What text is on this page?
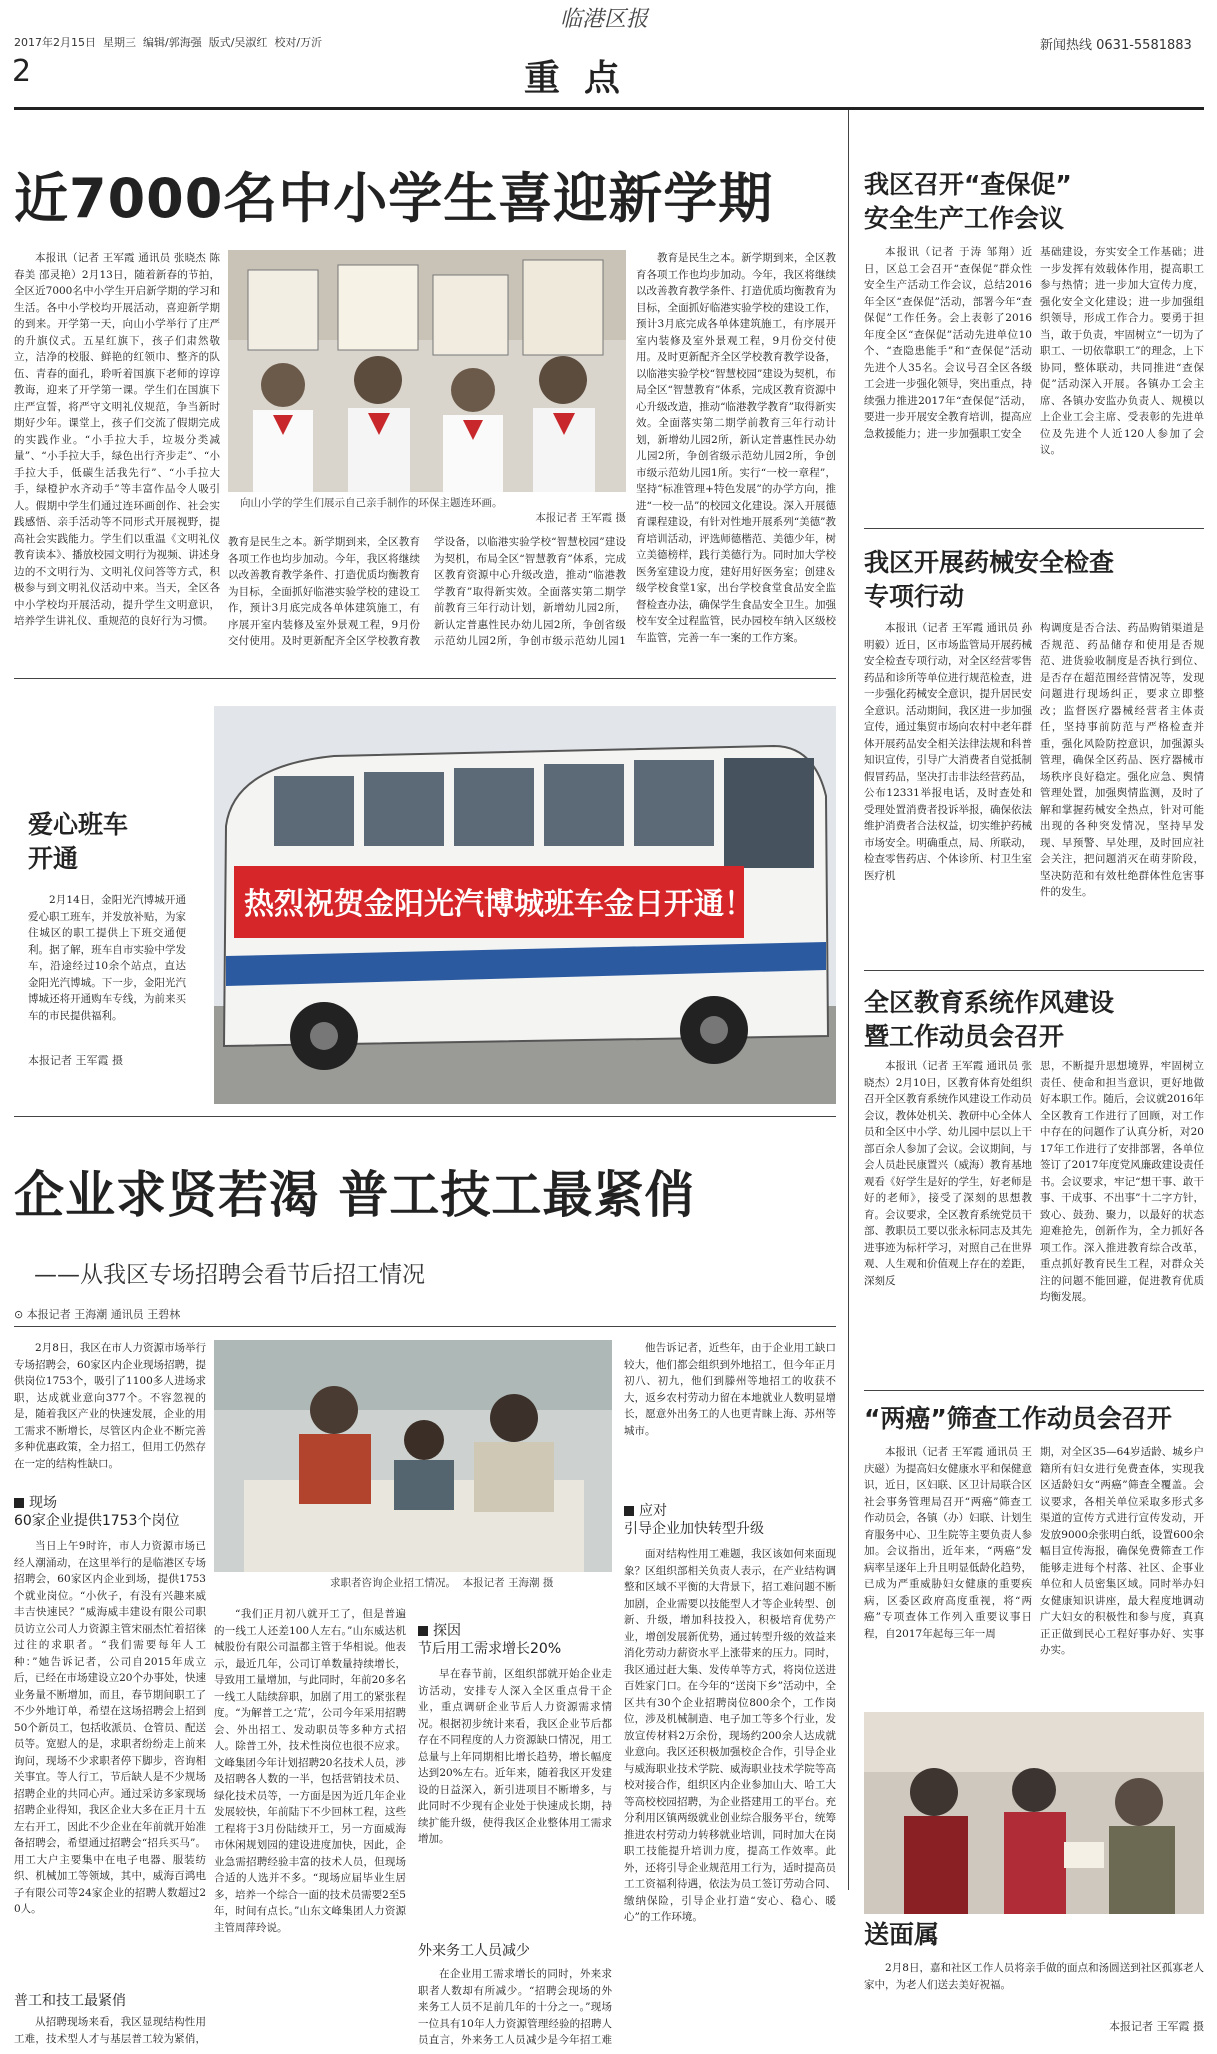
2017年2月15日 星期三 编辑/郭海强 版式/吴淑红 校对/万沂
临港区报
新闻热线 0631-5581883
2	重点
近7000名中小学生喜迎新学期
本报讯（记者 王军霞 通讯员 张晓杰 陈春美 邵灵艳）2月13日，随着新春的节拍，全区近7000名中小学生开启新学期的学习和生活。各中小学校均开展活动，喜迎新学期的到来。开学第一天，向山小学举行了庄严的升旗仪式。五星红旗下，孩子们肃然敬立，洁净的校服、鲜艳的红领巾、整齐的队伍、青春的面孔，聆听着国旗下老师的谆谆教诲，迎来了开学第一课。学生们在国旗下庄严宣誓，将严守文明礼仪规范，争当新时期好少年。课堂上，孩子们交流了假期完成的实践作业。“小手拉大手，垃圾分类减量”、“小手拉大手，绿色出行齐步走”、“小手拉大手，低碳生活我先行”、“小手拉大手，绿橙护水齐动手”等丰富作品令人吸引人。假期中学生们通过连环画创作、社会实践感悟、亲手活动等不同形式开展视野，提高社会实践能力。学生们以重温《文明礼仪教育读本》、播放校园文明行为视频、讲述身边的不文明行为、文明礼仪问答等方式，积极参与到文明礼仪活动中来。当天，全区各中小学校均开展活动，提升学生文明意识，培养学生讲礼仪、重规范的良好行为习惯。
向山小学的学生们展示自己亲手制作的环保主题连环画。
本报记者 王军霞 摄
教育是民生之本。新学期到来，全区教育各项工作也均步加动。今年，我区将继续以改善教育教学条件、打造优质均衡教育为目标，全面抓好临港实验学校的建设工作，预计3月底完成各单体建筑施工，有序展开室内装修及室外景观工程，9月份交付使用。及时更新配齐全区学校教育教学设备，以临港实验学校“智慧校园”建设为契机，布局全区“智慧教育”体系，完成区教育资源中心升级改造，推动“临港教学教育”取得新实效。全面落实第二期学前教育三年行动计划，新增幼儿园2所，新认定普惠性民办幼儿园2所，争创省级示范幼儿园2所，争创市级示范幼儿园1
教育是民生之本。新学期到来，全区教育各项工作也均步加动。今年，我区将继续以改善教育教学条件、打造优质均衡教育为目标，全面抓好临港实验学校的建设工作，预计3月底完成各单体建筑施工，有序展开室内装修及室外景观工程，9月份交付使用。及时更新配齐全区学校教育教学设备，以临港实验学校“智慧校园”建设为契机，布局全区“智慧教育”体系，完成区教育资源中心升级改造，推动“临港教学教育”取得新实效。全面落实第二期学前教育三年行动计划，新增幼儿园2所，新认定普惠性民办幼儿园2所，争创省级示范幼儿园2所，争创市级示范幼儿园1所。实行“一校一章程”，坚持“标准管理+特色发展”的办学方向，推进“一校一品”的校园文化建设。深入开展德育课程建设，有针对性地开展系列“美德”教育培训活动，评选师德楷范、美德少年，树立美德榜样，践行美德行为。同时加大学校医务室建设力度，建好用好医务室；创建＆级学校食堂1家，出台学校食堂食品安全监督检查办法，确保学生食品安全卫生。加强校车安全过程监管，民办园校车纳入区级校车监管，完善一车一案的工作方案。
我区召开“查保促”
安全生产工作会议
本报讯（记者 于涛 邹翔）近日，区总工会召开“查保促”群众性安全生产活动工作会议，总结2016年全区“查保促”活动，部署今年“查保促”工作任务。会上表彰了2016年度全区“查保促”活动先进单位10个、“查隐患能手”和“查保促”活动先进个人35名。会议号召全区各级工会进一步强化领导，突出重点，持续强力推进2017年“查保促”活动，要进一步开展安全教育培训，提高应急救援能力；进一步加强职工安全
基础建设，夯实安全工作基础；进一步发挥有效载体作用，提高职工参与热情；进一步加大宣传力度，强化安全文化建设；进一步加强组织领导，形成工作合力。要勇于担当，敢于负责，牢固树立“一切为了职工、一切依靠职工”的理念，上下协同，整体联动，共同推进“查保促”活动深入开展。各镇办工会主席、各镇办安监办负责人、规模以上企业工会主席、受表彰的先进单位及先进个人近120人参加了会议。
我区开展药械安全检查
专项行动
本报讯（记者 王军霞 通讯员 孙明毅）近日，区市场监管局开展药械安全检查专项行动，对全区经营零售药品和诊所等单位进行规范检查，进一步强化药械安全意识，提升居民安全意识。活动期间，我区进一步加强宣传，通过集贸市场向农村中老年群体开展药品安全相关法律法规和科普知识宣传，引导广大消费者自觉抵制假冒药品，坚决打击非法经营药品，公布12331举报电话，及时查处和受理处置消费者投诉举报，确保依法维护消费者合法权益，切实维护药械市场安全。明确重点，局、所联动，检查零售药店、个体诊所、村卫生室医疗机
构调度是否合法、药品购销渠道是否规范、药品储存和使用是否规范、进货验收制度是否执行到位、是否存在超范围经营情况等，发现问题进行现场纠正，要求立即整改；监督医疗器械经营者主体责任，坚持事前防范与严格检查并重，强化风险防控意识，加强源头管理，确保全区药品、医疗器械市场秩序良好稳定。强化应急、舆情管理处置，加强舆情监测，及时了解和掌握药械安全热点，针对可能出现的各种突发情况，坚持早发现、早预警、早处理，及时回应社会关注，把问题消灭在萌芽阶段，坚决防范和有效杜绝群体性危害事件的发生。
全区教育系统作风建设
暨工作动员会召开
本报讯（记者 王军霞 通讯员 张晓杰）2月10日，区教育体育处组织召开全区教育系统作风建设工作动员会议，教体处机关、教研中心全体人员和全区中小学、幼儿园中层以上干部百余人参加了会议。会议期间，与会人员赴民康置兴（威海）教育基地观看《好学生是好的学生，好老师是好的老师》，接受了深刻的思想教育。会议要求，全区教育系统党员干部、教职员工要以张永标同志及其先进事迹为标杆学习，对照自己在世界观、人生观和价值观上存在的差距，深刻反
思，不断提升思想境界，牢固树立责任、使命和担当意识，更好地做好本职工作。随后，会议就2016年全区教育工作进行了回顾，对工作中存在的问题作了认真分析，对2017年工作进行了安排部署，各单位签订了2017年度党风廉政建设责任书。会议要求，牢记“想干事、敢干事、干成事、不出事”十二字方针，致心、鼓劲、聚力，以最好的状态迎难抢先，创新作为，全力抓好各项工作。深入推进教育综合改革，重点抓好教育民生工程，对群众关注的问题不能回避，促进教育优质均衡发展。
“两癌”筛查工作动员会召开
本报讯（记者 王军霞 通讯员 王庆磁）为提高妇女健康水平和保健意识，近日，区妇联、区卫计局联合区社会事务管理局召开“两癌”筛查工作动员会，各镇（办）妇联、计划生育服务中心、卫生院等主要负责人参加。会议指出，近年来，“两癌”发病率呈逐年上升且明显低龄化趋势，已成为严重威胁妇女健康的重要疾病，区委区政府高度重视，将“两癌”专项查体工作列入重要议事日程，自2017年起每三年一周
期，对全区35—64岁适龄、城乡户籍所有妇女进行免费查体，实现我区适龄妇女“两癌”筛查全覆盖。会议要求，各相关单位采取多形式多渠道的宣传方式进行宣传发动，开发放9000余张明白纸，设置600余幅目宣传海报，确保免费筛查工作能够走进每个村落、社区、企事业单位和人员密集区域。同时举办妇女健康知识讲座，最大程度地调动广大妇女的积极性和参与度，真真正正做到民心工程好事办好、实事办实。
送面属
2月8日，嘉和社区工作人员将亲手做的面点和汤圆送到社区孤寡老人家中，为老人们送去美好祝福。
本报记者 王军霞 摄
爱心班车
开通
2月14日，金阳光汽博城开通爱心职工班车，并发放补贴，为家住城区的职工提供上下班交通便利。据了解，班车自市实验中学发车，沿途经过10余个站点，直达金阳光汽博城。下一步，金阳光汽博城还将开通购车专线，为前来买车的市民提供福利。
本报记者 王军霞 摄
热烈祝贺金阳光汽博城班车金日开通！
企业求贤若渴 普工技工最紧俏
——从我区专场招聘会看节后招工情况
⊙ 本报记者 王海潮 通讯员 王碧林
2月8日，我区在市人力资源市场举行专场招聘会，60家区内企业现场招聘，提供岗位1753个，吸引了1100多人进场求职，达成就业意向377个。不容忽视的是，随着我区产业的快速发展，企业的用工需求不断增长，尽管区内企业不断完善多种优惠政策，全力招工，但用工仍然存在一定的结构性缺口。
现场
60家企业提供1753个岗位
当日上午9时许，市人力资源市场已经人潮涌动，在这里举行的是临港区专场招聘会，60家区内企业到场，提供1753个就业岗位。“小伙子，有没有兴趣来威丰吉快速民？”威海威丰建设有限公司职员访立公司人力资源主管宋丽杰忙着招徕过往的求职者。“我们需要每年人工种：”她告诉记者，公司自2015年成立后，已经在市场建设立20个办事处，快速业务量不断增加，而且，春节期间职工了不少外地订单，希望在这场招聘会上招到50个新员工，包括收派员、仓管员、配送员等。宽慰人的是，求职者纷纷走上前来询问，现场不少求职者停下脚步，咨询相关事宜。等人行工，节后缺人是不少规场招聘企业的共同心声。通过采访多家现场招聘企业得知，我区企业大多在正月十五左右开工，因此不少企业在年前就开始准备招聘会，希望通过招聘会“招兵买马”。用工大户主要集中在电子电器、服装纺织、机械加工等领域，其中，威海百鸿电子有限公司等24家企业的招聘人数超过20人。
普工和技工最紧俏
从招聘现场来看，我区显现结构性用工难，技术型人才与基层普工较为紧俏，
求职者咨询企业招工情况。 本报记者 王海潮 摄
“我们正月初八就开工了，但是普遍的一线工人还差100人左右。”山东威达机械股份有限公司温都主管于华相说。他表示，最近几年，公司订单数量持续增长，导致用工量增加，与此同时，年前20多名一线工人陆续辞职，加剧了用工的紧张程度。“为解普工之‘荒’，公司今年采用招聘会、外出招工、发动职员等多种方式招人。除普工外，技术性岗位也很不应求。文峰集团今年计划招聘20名技术人员，涉及招聘各人数的一半，包括营销技术员、绿化技术员等，一方面是因为近几年企业发展较快，年前陆下不少回林工程，这些工程将于3月份陆续开工，另一方面威海市休闲规划园的建设进度加快，因此，企业急需招聘经验丰富的技术人员，但现场合适的人选并不多。“现场应届毕业生居多，培养一个综合一面的技术员需要2至5年，时间有点长。”山东文峰集团人力资源主管周萍玲说。
探因
节后用工需求增长20%
早在春节前，区组织部就开始企业走访活动，安排专人深入全区重点骨干企业，重点调研企业节后人力资源需求情况。根据初步统计来看，我区企业节后都存在不同程度的人力资源缺口情况，用工总量与上年同期相比增长趋势，增长幅度达到20%左右。近年来，随着我区开发建设的日益深入，新引进项目不断增多，与此同时不少现有企业处于快速成长期，持续扩能升级，使得我区企业整体用工需求增加。
外来务工人员减少
在企业用工需求增长的同时，外来求职者人数却有所减少。“招聘会现场的外来务工人员不足前几年的十分之一。”现场一位具有10年人力资源管理经验的招聘人员直言，外来务工人员减少是今年招工难
他告诉记者，近些年，由于企业用工缺口较大，他们都会组织到外地招工，但今年正月初八、初九，他们到滕州等地招工的收获不大，返乡农村劳动力留在本地就业人数明显增长，愿意外出务工的人也更青睐上海、苏州等城市。
应对
引导企业加快转型升级
面对结构性用工难题，我区该如何来面现象？区组织部相关负责人表示，在产业结构调整和区域不平衡的大背景下，招工难问题不断加剧，企业需要以技能型人才等企业转型、创新、升级，增加科技投入，积极培育优势产业，增创发展新优势，通过转型升级的效益来消化劳动力薪资水平上涨带来的压力。同时，我区通过赶大集、发传单等方式，将岗位送进百姓家门口。在今年的“送岗下乡”活动中，全区共有30个企业招聘岗位800余个，工作岗位，涉及机械制造、电子加工等多个行业，发放宣传材料2万余份，现场约200余人达成就业意向。我区还积极加强校企合作，引导企业与威海职业技术学院、威海职业技术学院等高校对接合作，组织区内企业参加山大、哈工大等高校校园招聘，为企业搭建用工的平台。充分利用区镇两级就业创业综合服务平台，统筹推进农村劳动力转移就业培训，同时加大在岗职工技能提升培训力度，提高工作效率。此外，还将引导企业规范用工行为，适时提高员工工资福利待遇，依法为员工签订劳动合同、缴纳保险，引导企业打造“安心、稳心、暖心”的工作环境。
